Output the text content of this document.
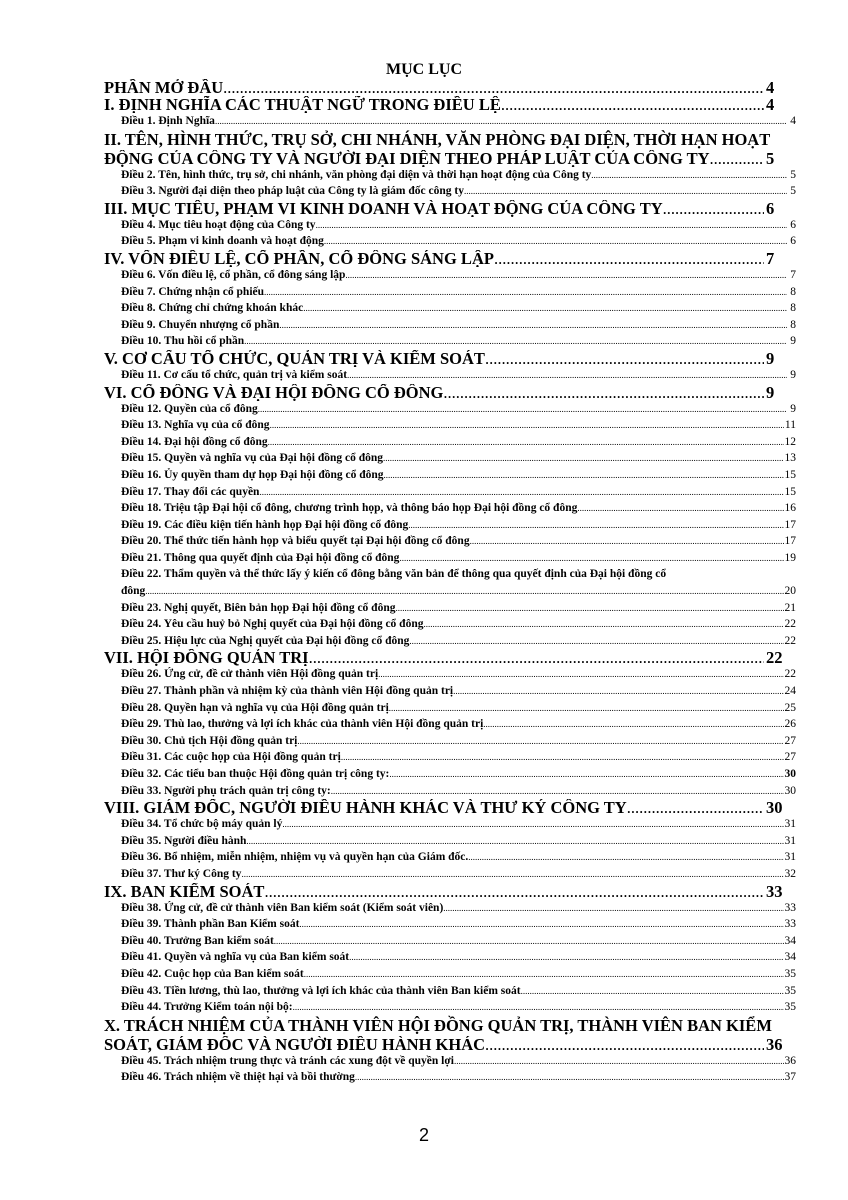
MỤC LỤC
PHẦN MỞ ĐẦU .....	4
I. ĐỊNH NGHĨA CÁC THUẬT NGỮ TRONG ĐIỀU LỆ .....	4
Điều 1. Định Nghĩa .....	4
II. TÊN, HÌNH THỨC, TRỤ SỞ, CHI NHÁNH, VĂN PHÒNG ĐẠI DIỆN, THỜI HẠN HOẠT
ĐỘNG CỦA CÔNG TY VÀ NGƯỜI ĐẠI DIỆN THEO PHÁP LUẬT CỦA CÔNG TY .....	5
Điều 2. Tên, hình thức, trụ sở, chi nhánh, văn phòng đại diện và thời hạn hoạt động của Công ty .....	5
Điều 3. Người đại diện theo pháp luật của Công ty là giám đốc công ty .....	5
III. MỤC TIÊU, PHẠM VI KINH DOANH VÀ HOẠT ĐỘNG CỦA CÔNG TY .....	6
Điều 4. Mục tiêu hoạt động của Công ty .....	6
Điều 5. Phạm vi kinh doanh và hoạt động .....	6
IV. VỐN ĐIỀU LỆ, CỔ PHẦN, CỔ ĐÔNG SÁNG LẬP .....	7
Điều 6. Vốn điều lệ, cổ phần, cổ đông sáng lập .....	7
Điều 7. Chứng nhận cổ phiếu .....	8
Điều 8. Chứng chỉ chứng khoán khác .....	8
Điều 9. Chuyển nhượng cổ phần .....	8
Điều 10. Thu hồi cổ phần .....	9
V. CƠ CẤU TỔ CHỨC, QUẢN TRỊ VÀ KIỂM SOÁT .....	9
Điều 11. Cơ cấu tổ chức, quản trị và kiểm soát .....	9
VI. CỔ ĐÔNG VÀ ĐẠI HỘI ĐỒNG CỔ ĐÔNG .....	9
Điều 12. Quyền của cổ đông .....	9
Điều 13. Nghĩa vụ của cổ đông .....	11
Điều 14. Đại hội đồng cổ đông .....	12
Điều 15. Quyền và nghĩa vụ của Đại hội đồng cổ đông .....	13
Điều 16. Ủy quyền tham dự họp Đại hội đồng cổ đông .....	15
Điều 17. Thay đổi các quyền .....	15
Điều 18. Triệu tập Đại hội cổ đông, chương trình họp, và thông báo họp Đại hội đồng cổ đông .....	16
Điều 19. Các điều kiện tiến hành họp Đại hội đồng cổ đông .....	17
Điều 20. Thể thức tiến hành họp và biểu quyết tại Đại hội đồng cổ đông .....	17
Điều 21. Thông qua quyết định của Đại hội đồng cổ đông .....	19
Điều 22. Thẩm quyền và thể thức lấy ý kiến cổ đông bằng văn bản để thông qua quyết định của Đại hội đồng cổ
đông .....	20
Điều 23. Nghị quyết, Biên bản họp Đại hội đồng cổ đông .....	21
Điều 24. Yêu cầu huỷ bỏ Nghị quyết của Đại hội đồng cổ đông .....	22
Điều 25. Hiệu lực của Nghị quyết của Đại hội đồng cổ đông .....	22
VII. HỘI ĐỒNG QUẢN TRỊ .....	22
Điều 26. Ứng cử, đề cử thành viên Hội đồng quản trị .....	22
Điều 27. Thành phần và nhiệm kỳ của thành viên Hội đồng quản trị .....	24
Điều 28. Quyền hạn và nghĩa vụ của Hội đồng quản trị .....	25
Điều 29. Thù lao, thưởng và lợi ích khác của thành viên Hội đồng quản trị .....	26
Điều 30. Chủ tịch Hội đồng quản trị .....	27
Điều 31. Các cuộc họp của Hội đồng quản trị .....	27
Điều 32. Các tiểu ban thuộc Hội đồng quản trị công ty: .....	30
Điều 33. Người phụ trách quản trị công ty: .....	30
VIII. GIÁM ĐỐC, NGƯỜI ĐIỀU HÀNH KHÁC VÀ THƯ KÝ CÔNG TY .....	30
Điều 34. Tổ chức bộ máy quản lý .....	31
Điều 35. Người điều hành .....	31
Điều 36. Bổ nhiệm, miễn nhiệm, nhiệm vụ và quyền hạn của Giám đốc. .....	31
Điều 37. Thư ký Công ty .....	32
IX. BAN KIỂM SOÁT .....	33
Điều 38. Ứng cử, đề cử thành viên Ban kiểm soát (Kiểm soát viên) .....	33
Điều 39. Thành phần Ban Kiểm soát .....	33
Điều 40. Trưởng Ban kiểm soát .....	34
Điều 41. Quyền và nghĩa vụ của Ban kiểm soát .....	34
Điều 42. Cuộc họp của Ban kiểm soát .....	35
Điều 43. Tiền lương, thù lao, thưởng và lợi ích khác của thành viên Ban kiểm soát .....	35
Điều 44. Trưởng Kiểm toán nội bộ: .....	35
X. TRÁCH NHIỆM CỦA THÀNH VIÊN HỘI ĐỒNG QUẢN TRỊ, THÀNH VIÊN BAN KIỂM
SOÁT, GIÁM ĐỐC VÀ NGƯỜI ĐIỀU HÀNH KHÁC .....	36
Điều 45. Trách nhiệm trung thực và tránh các xung đột về quyền lợi .....	36
Điều 46. Trách nhiệm về thiệt hại và bồi thường .....	37
2
